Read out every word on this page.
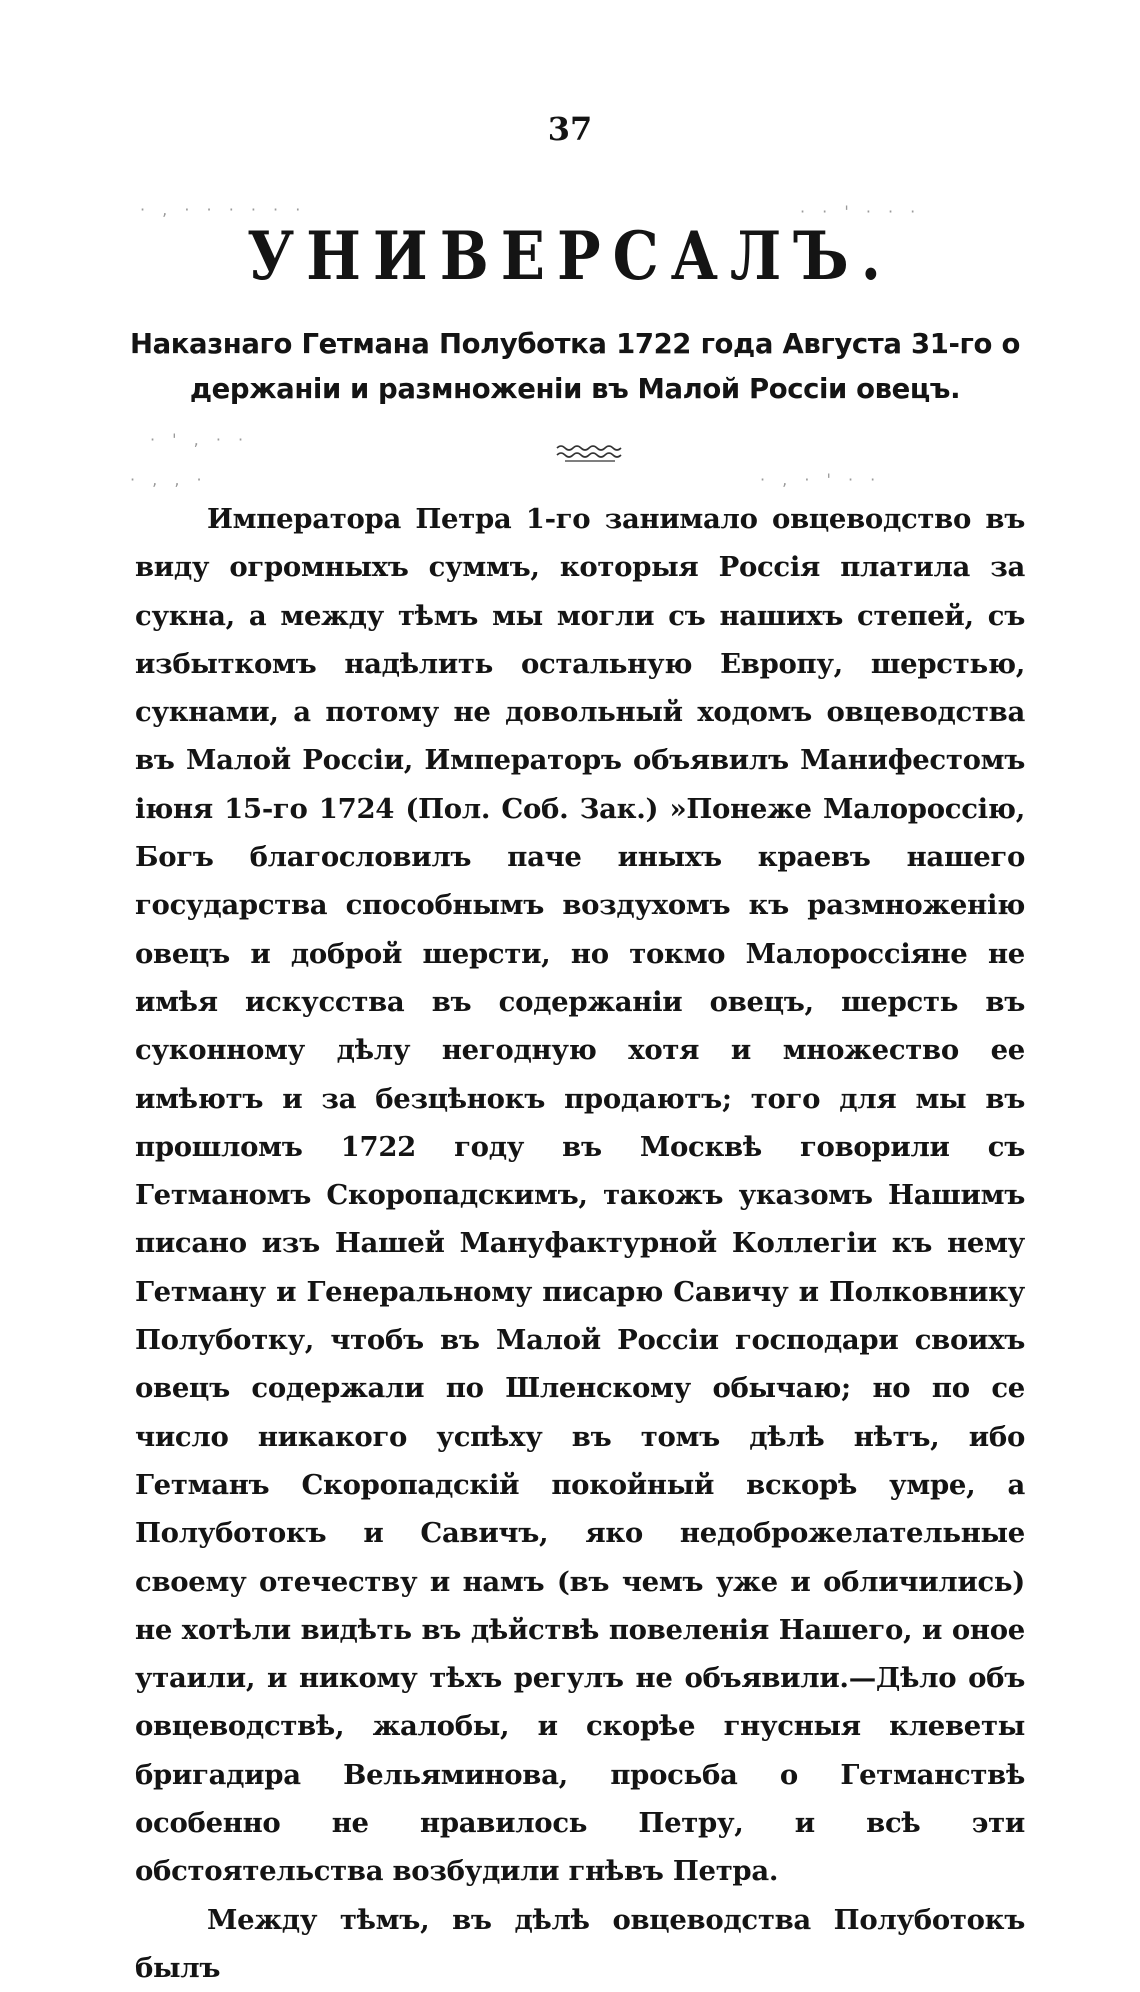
37
УНИВЕРСАЛЪ.
Наказнаго Гетмана Полуботка 1722 года Августа 31-го о держаніи и размноженіи въ Малой Россіи овецъ.
· , · · · · · ·	· · ' · · ·
· ' , · ·
· , , ·	· , · ' · ·

Императора Петра 1-го занимало овцеводство въ виду огромныхъ суммъ, которыя Россія платила за сукна, а между тѣмъ мы могли съ нашихъ степей, съ избыткомъ надѣлить остальную Европу, шерстью, сукнами, а потому не довольный ходомъ овцеводства въ Малой Россіи, Императоръ объявилъ Манифестомъ іюня 15-го 1724 (Пол. Соб. Зак.) »Понеже Малороссію, Богъ благословилъ паче иныхъ краевъ нашего государства способнымъ воздухомъ къ размноженію овецъ и доброй шерсти, но токмо Малороссіяне не имѣя искусства въ содержаніи овецъ, шерсть въ суконному дѣлу негодную хотя и множество ее имѣютъ и за безцѣнокъ продаютъ; того для мы въ прошломъ 1722 году въ Москвѣ говорили съ Гетманомъ Скоропадскимъ, такожъ указомъ Нашимъ писано изъ Нашей Мануфактурной Коллегіи къ нему Гетману и Генеральному писарю Савичу и Полковнику Полуботку, чтобъ въ Малой Россіи господари своихъ овецъ содержали по Шленскому обычаю; но по се число никакого успѣху въ томъ дѣлѣ нѣтъ, ибо Гетманъ Скоропадскій покойный вскорѣ умре, а Полуботокъ и Савичъ, яко недоброжелательные своему отечеству и намъ (въ чемъ уже и обличились) не хотѣли видѣть въ дѣйствѣ повеленія Нашего, и оное утаили, и никому тѣхъ регулъ не объявили.—Дѣло объ овцеводствѣ, жалобы, и скорѣе гнусныя клеветы бригадира Вельяминова, просьба о Гетманствѣ особенно не нравилось Петру, и всѣ эти обстоятельства возбудили гнѣвъ Петра.

Между тѣмъ, въ дѣлѣ овцеводства Полуботокъ былъ
